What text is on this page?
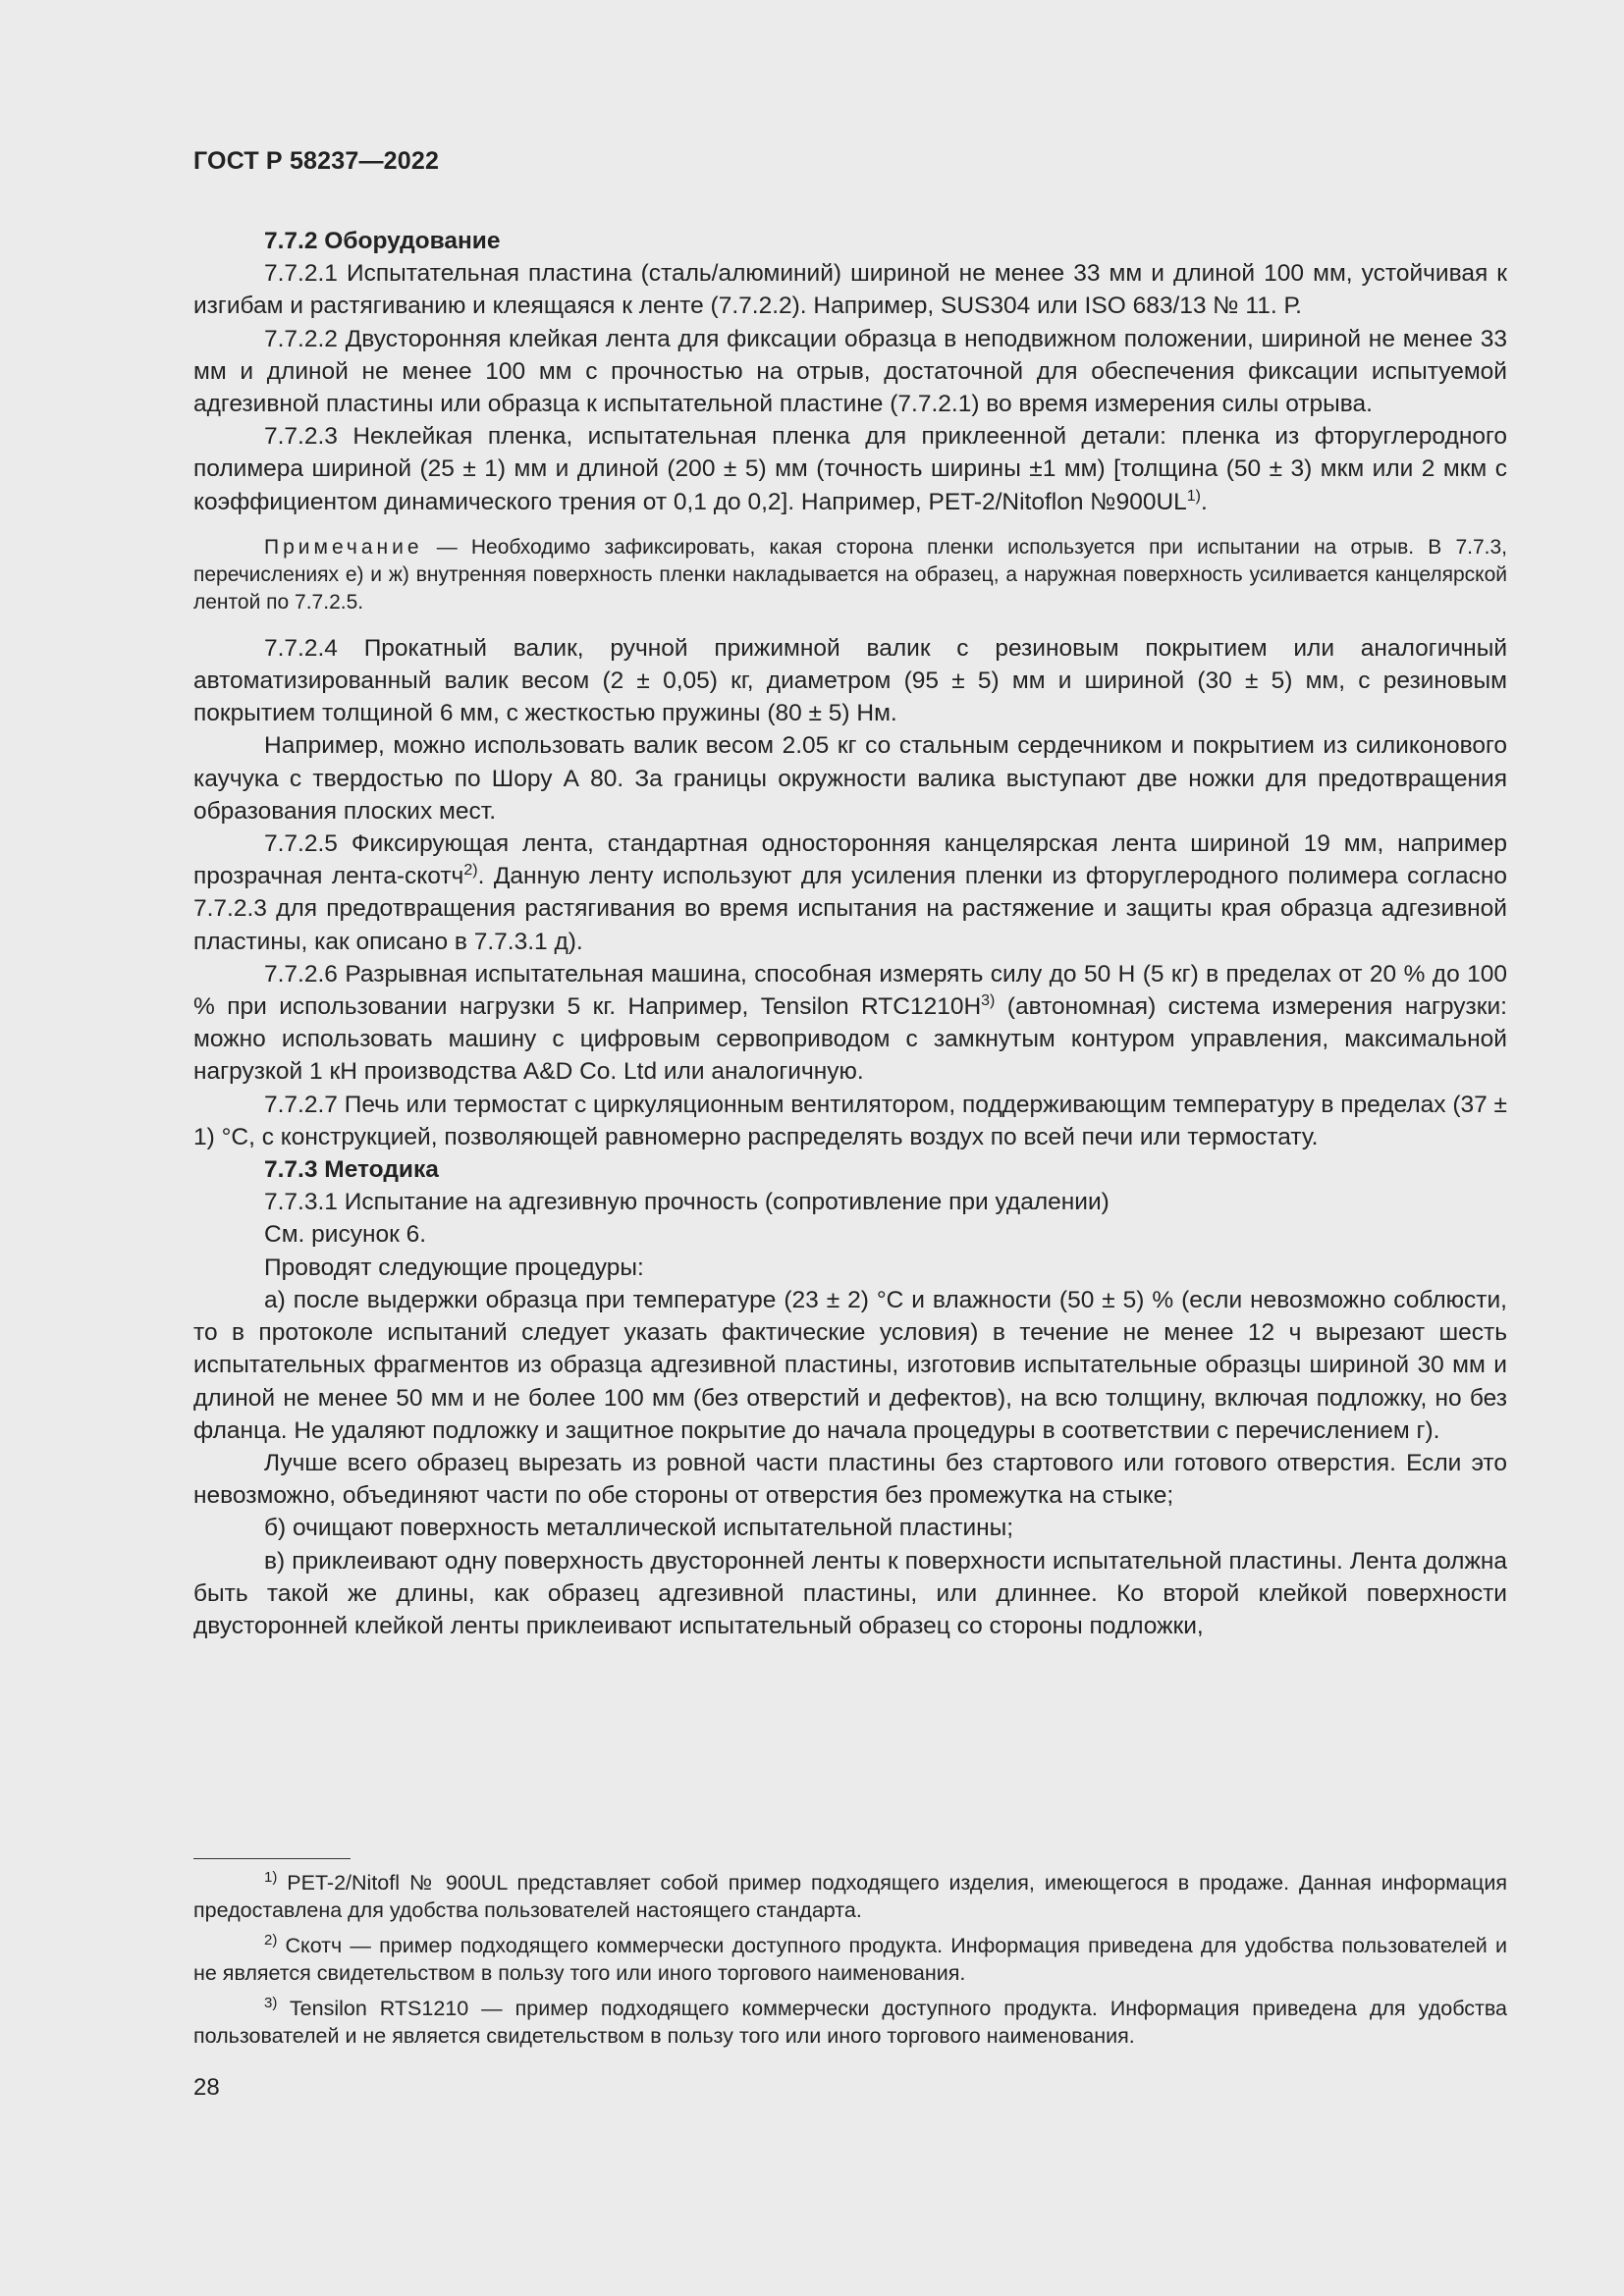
ГОСТ Р 58237—2022

7.7.2 Оборудование

7.7.2.1 Испытательная пластина (сталь/алюминий) шириной не менее 33 мм и длиной 100 мм, устойчивая к изгибам и растягиванию и клеящаяся к ленте (7.7.2.2). Например, SUS304 или ISO 683/13 № 11. Р.

7.7.2.2 Двусторонняя клейкая лента для фиксации образца в неподвижном положении, шириной не менее 33 мм и длиной не менее 100 мм с прочностью на отрыв, достаточной для обеспечения фиксации испытуемой адгезивной пластины или образца к испытательной пластине (7.7.2.1) во время измерения силы отрыва.

7.7.2.3 Неклейкая пленка, испытательная пленка для приклеенной детали: пленка из фторуглеродного полимера шириной (25 ± 1) мм и длиной (200 ± 5) мм (точность ширины ±1 мм) [толщина (50 ± 3) мкм или 2 мкм с коэффициентом динамического трения от 0,1 до 0,2]. Например, PET-2/Nitoflon №900UL$^{1)}$.

Примечание — Необходимо зафиксировать, какая сторона пленки используется при испытании на отрыв. В 7.7.3, перечислениях е) и ж) внутренняя поверхность пленки накладывается на образец, а наружная поверхность усиливается канцелярской лентой по 7.7.2.5.

7.7.2.4 Прокатный валик, ручной прижимной валик с резиновым покрытием или аналогичный автоматизированный валик весом (2 ± 0,05) кг, диаметром (95 ± 5) мм и шириной (30 ± 5) мм, с резиновым покрытием толщиной 6 мм, с жесткостью пружины (80 ± 5) Нм.

Например, можно использовать валик весом 2.05 кг со стальным сердечником и покрытием из силиконового каучука с твердостью по Шору А 80. За границы окружности валика выступают две ножки для предотвращения образования плоских мест.

7.7.2.5 Фиксирующая лента, стандартная односторонняя канцелярская лента шириной 19 мм, например прозрачная лента-скотч$^{2)}$. Данную ленту используют для усиления пленки из фторуглеродного полимера согласно 7.7.2.3 для предотвращения растягивания во время испытания на растяжение и защиты края образца адгезивной пластины, как описано в 7.7.3.1 д).

7.7.2.6 Разрывная испытательная машина, способная измерять силу до 50 Н (5 кг) в пределах от 20 % до 100 % при использовании нагрузки 5 кг. Например, Tensilon $RTC1210H^{3)}$ (автономная) система измерения нагрузки: можно использовать машину с цифровым сервоприводом с замкнутым контуром управления, максимальной нагрузкой 1 кН производства A&D Co. Ltd или аналогичную.

7.7.2.7 Печь или термостат с циркуляционным вентилятором, поддерживающим температуру в пределах (37 ± 1) °С, с конструкцией, позволяющей равномерно распределять воздух по всей печи или термостату.

7.7.3 Методика

7.7.3.1 Испытание на адгезивную прочность (сопротивление при удалении)

См. рисунок 6.

Проводят следующие процедуры:

а) после выдержки образца при температуре (23 ± 2) °С и влажности (50 ± 5) % (если невозможно соблюсти, то в протоколе испытаний следует указать фактические условия) в течение не менее 12 ч вырезают шесть испытательных фрагментов из образца адгезивной пластины, изготовив испытательные образцы шириной 30 мм и длиной не менее 50 мм и не более 100 мм (без отверстий и дефектов), на всю толщину, включая подложку, но без фланца. Не удаляют подложку и защитное покрытие до начала процедуры в соответствии с перечислением г).

Лучше всего образец вырезать из ровной части пластины без стартового или готового отверстия. Если это невозможно, объединяют части по обе стороны от отверстия без промежутка на стыке;

б) очищают поверхность металлической испытательной пластины;

в) приклеивают одну поверхность двусторонней ленты к поверхности испытательной пластины. Лента должна быть такой же длины, как образец адгезивной пластины, или длиннее. Ко второй клейкой поверхности двусторонней клейкой ленты приклеивают испытательный образец со стороны подложки,

$^{1)}$ PET-2/Nitofl № 900UL представляет собой пример подходящего изделия, имеющегося в продаже. Данная информация предоставлена для удобства пользователей настоящего стандарта.

$^{2)}$ Скотч — пример подходящего коммерчески доступного продукта. Информация приведена для удобства пользователей и не является свидетельством в пользу того или иного торгового наименования.

$^{3)}$ Tensilon RTS1210 — пример подходящего коммерчески доступного продукта. Информация приведена для удобства пользователей и не является свидетельством в пользу того или иного торгового наименования.

28
